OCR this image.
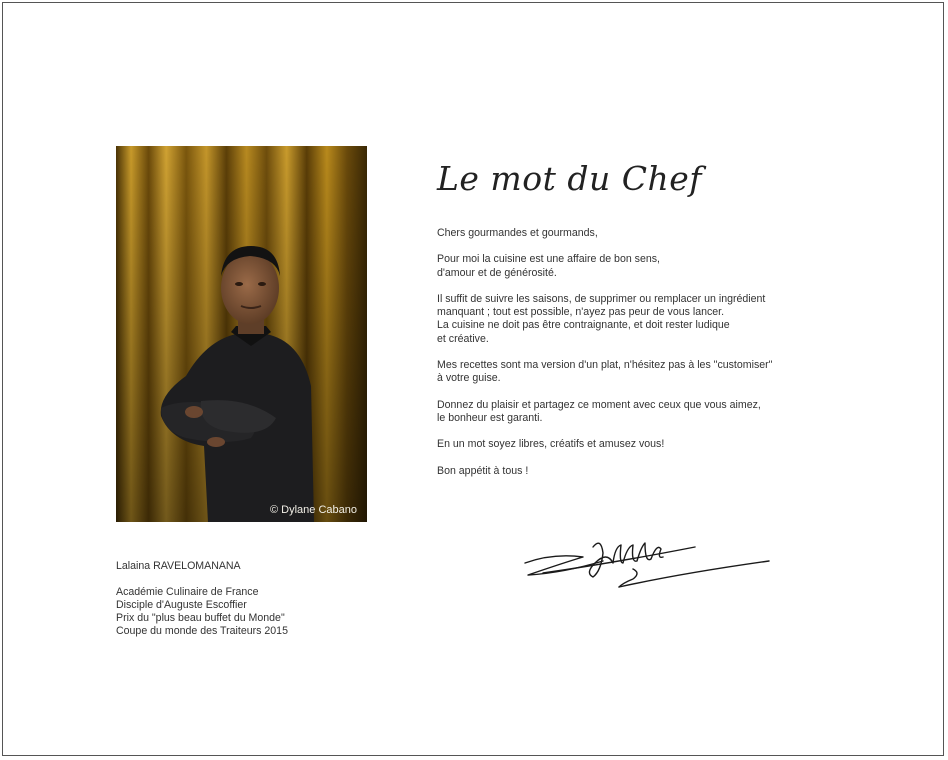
© Dylane Cabano
Le mot du Chef

Chers gourmandes et gourmands,

Pour moi la cuisine est une affaire de bon sens,
d'amour et de générosité.

Il suffit de suivre les saisons, de supprimer ou remplacer un ingrédient
manquant ; tout est possible, n'ayez pas peur de vous lancer.
La cuisine ne doit pas être contraignante, et doit rester ludique
et créative.

Mes recettes sont ma version d'un plat, n'hésitez pas à les "customiser"
à votre guise.

Donnez du plaisir et partagez ce moment avec ceux que vous aimez,
le bonheur est garanti.

En un mot soyez libres, créatifs et amusez vous!

Bon appétit à tous !

Lalaina RAVELOMANANA
Académie Culinaire de France
Disciple d'Auguste Escoffier
Prix du "plus beau buffet du Monde"
Coupe du monde des Traiteurs 2015
